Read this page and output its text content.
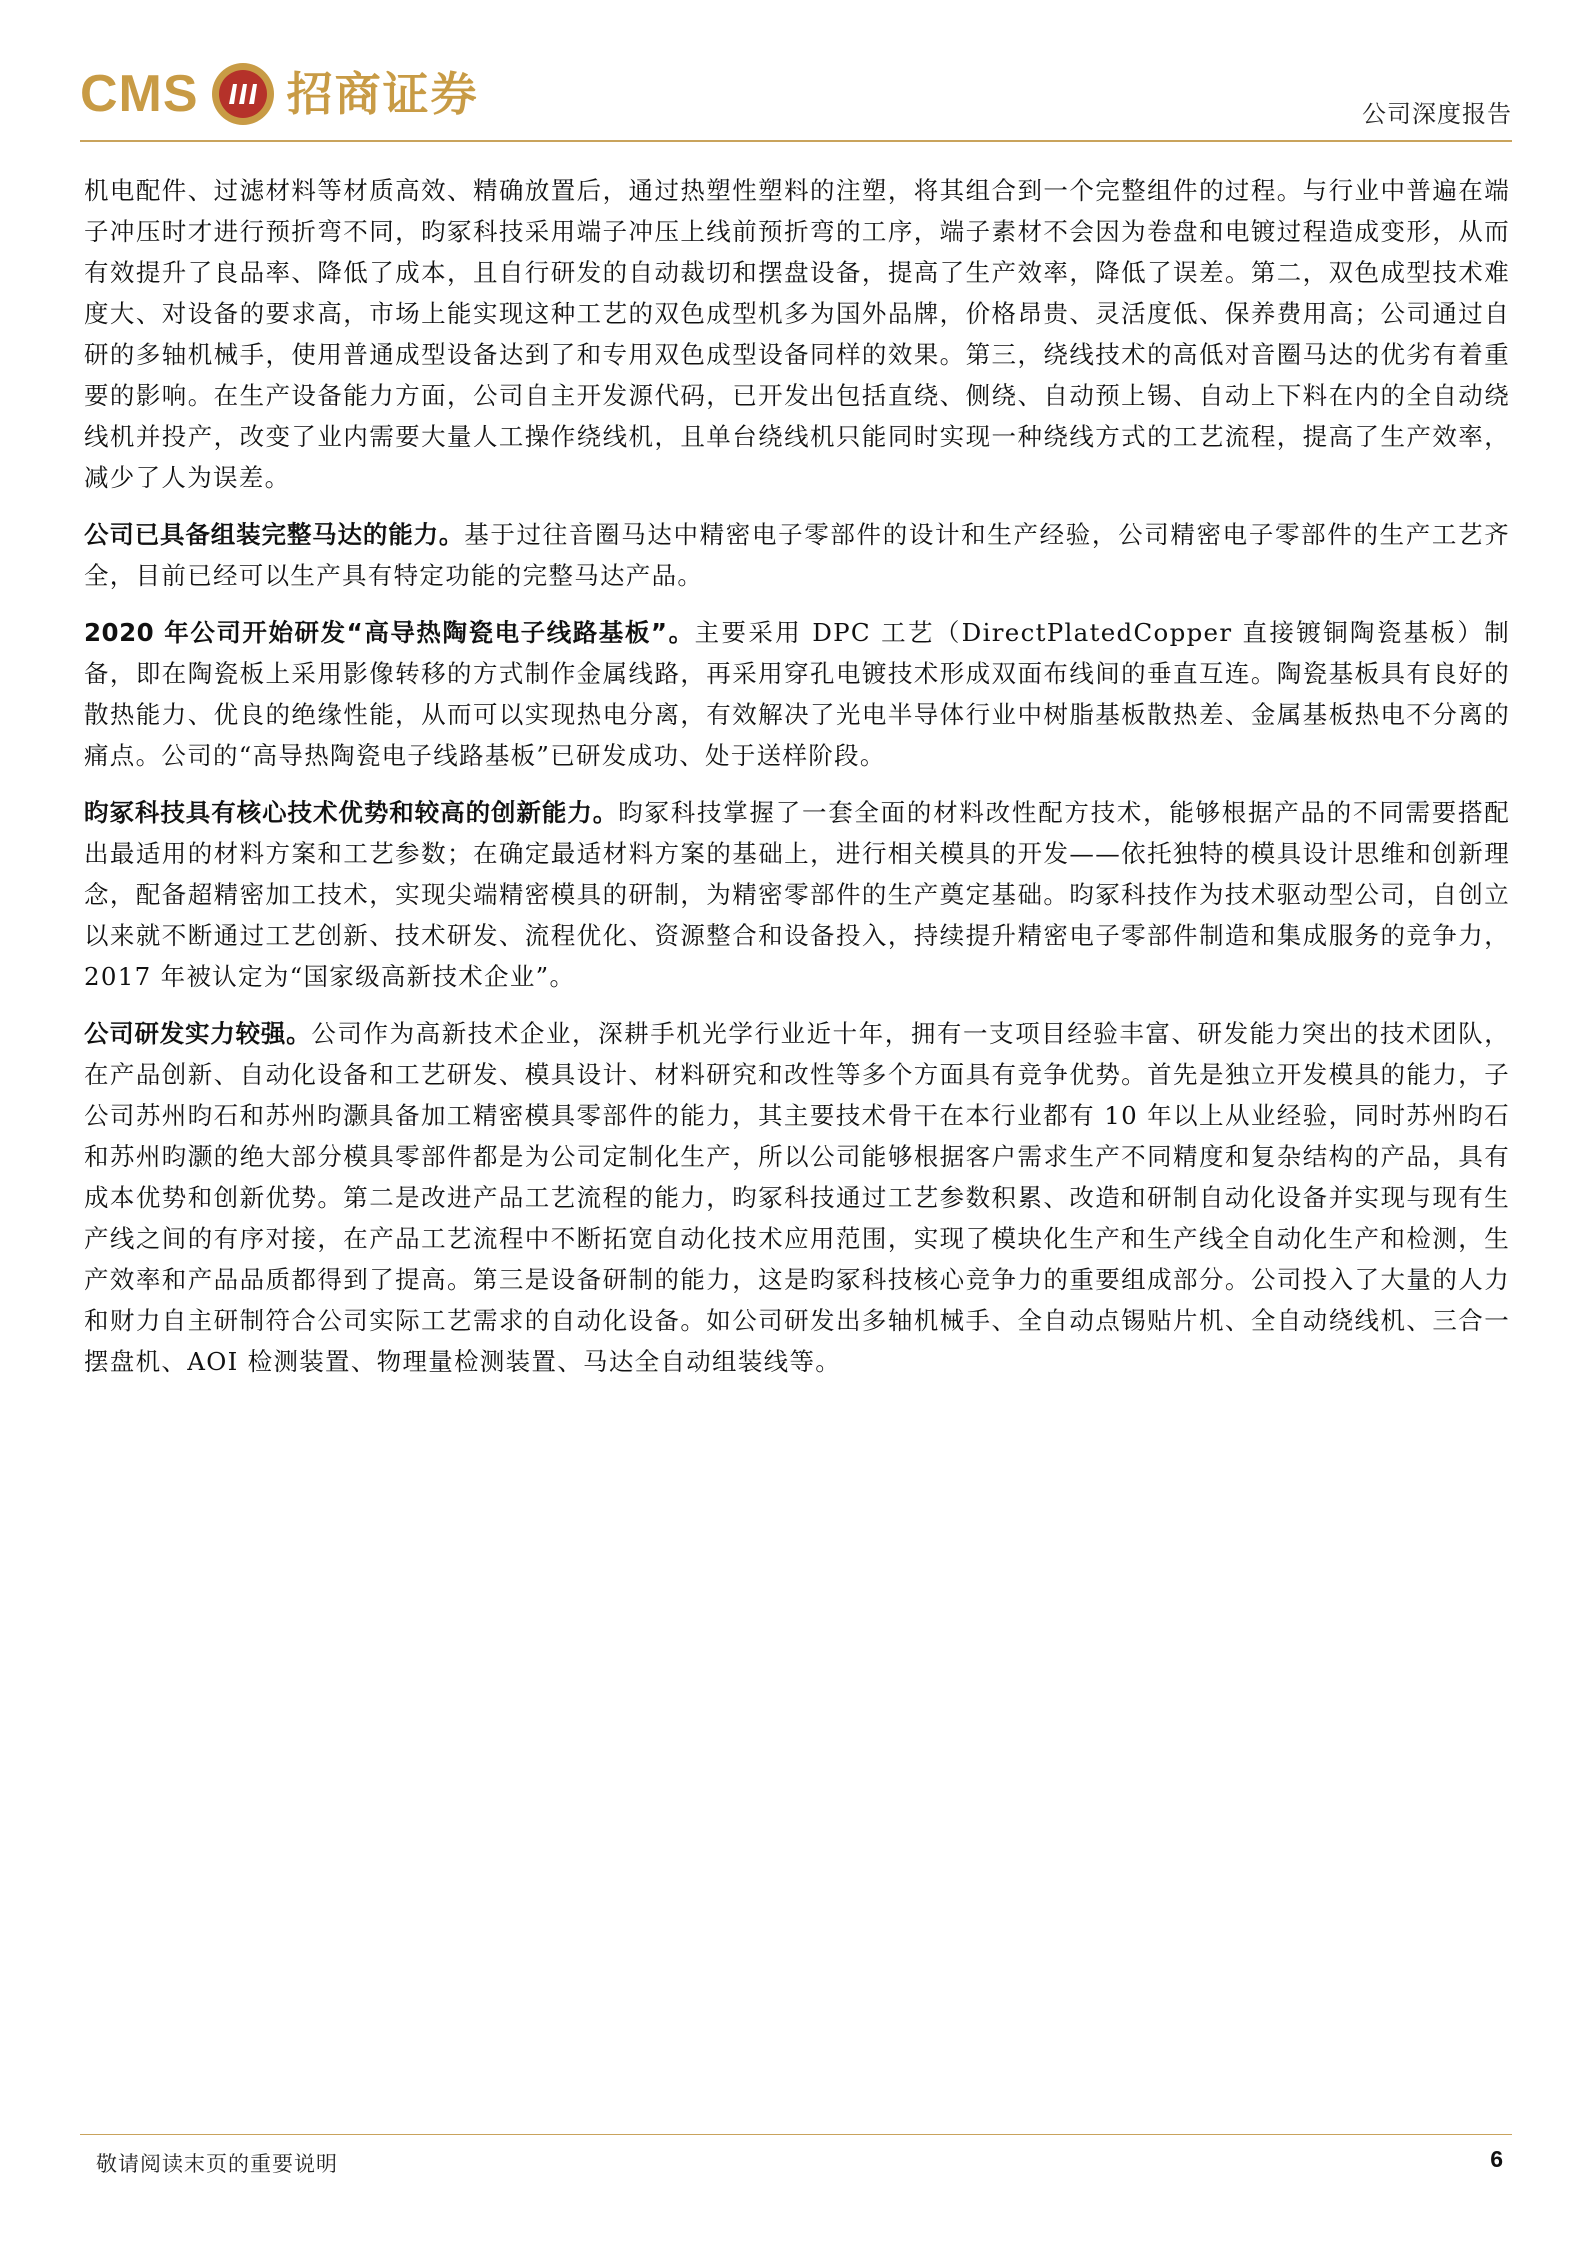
CMS 招商证券	公司深度报告

机电配件、过滤材料等材质高效、精确放置后，通过热塑性塑料的注塑，将其组合到一个完整组件的过程。与行业中普遍在端子冲压时才进行预折弯不同，昀冢科技采用端子冲压上线前预折弯的工序，端子素材不会因为卷盘和电镀过程造成变形，从而有效提升了良品率、降低了成本，且自行研发的自动裁切和摆盘设备，提高了生产效率，降低了误差。第二，双色成型技术难度大、对设备的要求高，市场上能实现这种工艺的双色成型机多为国外品牌，价格昂贵、灵活度低、保养费用高；公司通过自研的多轴机械手，使用普通成型设备达到了和专用双色成型设备同样的效果。第三，绕线技术的高低对音圈马达的优劣有着重要的影响。在生产设备能力方面，公司自主开发源代码，已开发出包括直绕、侧绕、自动预上锡、自动上下料在内的全自动绕线机并投产，改变了业内需要大量人工操作绕线机，且单台绕线机只能同时实现一种绕线方式的工艺流程，提高了生产效率，减少了人为误差。

公司已具备组装完整马达的能力。基于过往音圈马达中精密电子零部件的设计和生产经验，公司精密电子零部件的生产工艺齐全，目前已经可以生产具有特定功能的完整马达产品。

2020 年公司开始研发“高导热陶瓷电子线路基板”。主要采用 DPC 工艺（DirectPlatedCopper 直接镀铜陶瓷基板）制备，即在陶瓷板上采用影像转移的方式制作金属线路，再采用穿孔电镀技术形成双面布线间的垂直互连。陶瓷基板具有良好的散热能力、优良的绝缘性能，从而可以实现热电分离，有效解决了光电半导体行业中树脂基板散热差、金属基板热电不分离的痛点。公司的“高导热陶瓷电子线路基板”已研发成功、处于送样阶段。

昀冢科技具有核心技术优势和较高的创新能力。昀冢科技掌握了一套全面的材料改性配方技术，能够根据产品的不同需要搭配出最适用的材料方案和工艺参数；在确定最适材料方案的基础上，进行相关模具的开发——依托独特的模具设计思维和创新理念，配备超精密加工技术，实现尖端精密模具的研制，为精密零部件的生产奠定基础。昀冢科技作为技术驱动型公司，自创立以来就不断通过工艺创新、技术研发、流程优化、资源整合和设备投入，持续提升精密电子零部件制造和集成服务的竞争力，2017 年被认定为“国家级高新技术企业”。

公司研发实力较强。公司作为高新技术企业，深耕手机光学行业近十年，拥有一支项目经验丰富、研发能力突出的技术团队，在产品创新、自动化设备和工艺研发、模具设计、材料研究和改性等多个方面具有竞争优势。首先是独立开发模具的能力，子公司苏州昀石和苏州昀灏具备加工精密模具零部件的能力，其主要技术骨干在本行业都有 10 年以上从业经验，同时苏州昀石和苏州昀灏的绝大部分模具零部件都是为公司定制化生产，所以公司能够根据客户需求生产不同精度和复杂结构的产品，具有成本优势和创新优势。第二是改进产品工艺流程的能力，昀冢科技通过工艺参数积累、改造和研制自动化设备并实现与现有生产线之间的有序对接，在产品工艺流程中不断拓宽自动化技术应用范围，实现了模块化生产和生产线全自动化生产和检测，生产效率和产品品质都得到了提高。第三是设备研制的能力，这是昀冢科技核心竞争力的重要组成部分。公司投入了大量的人力和财力自主研制符合公司实际工艺需求的自动化设备。如公司研发出多轴机械手、全自动点锡贴片机、全自动绕线机、三合一摆盘机、AOI 检测装置、物理量检测装置、马达全自动组装线等。

敬请阅读末页的重要说明	6
